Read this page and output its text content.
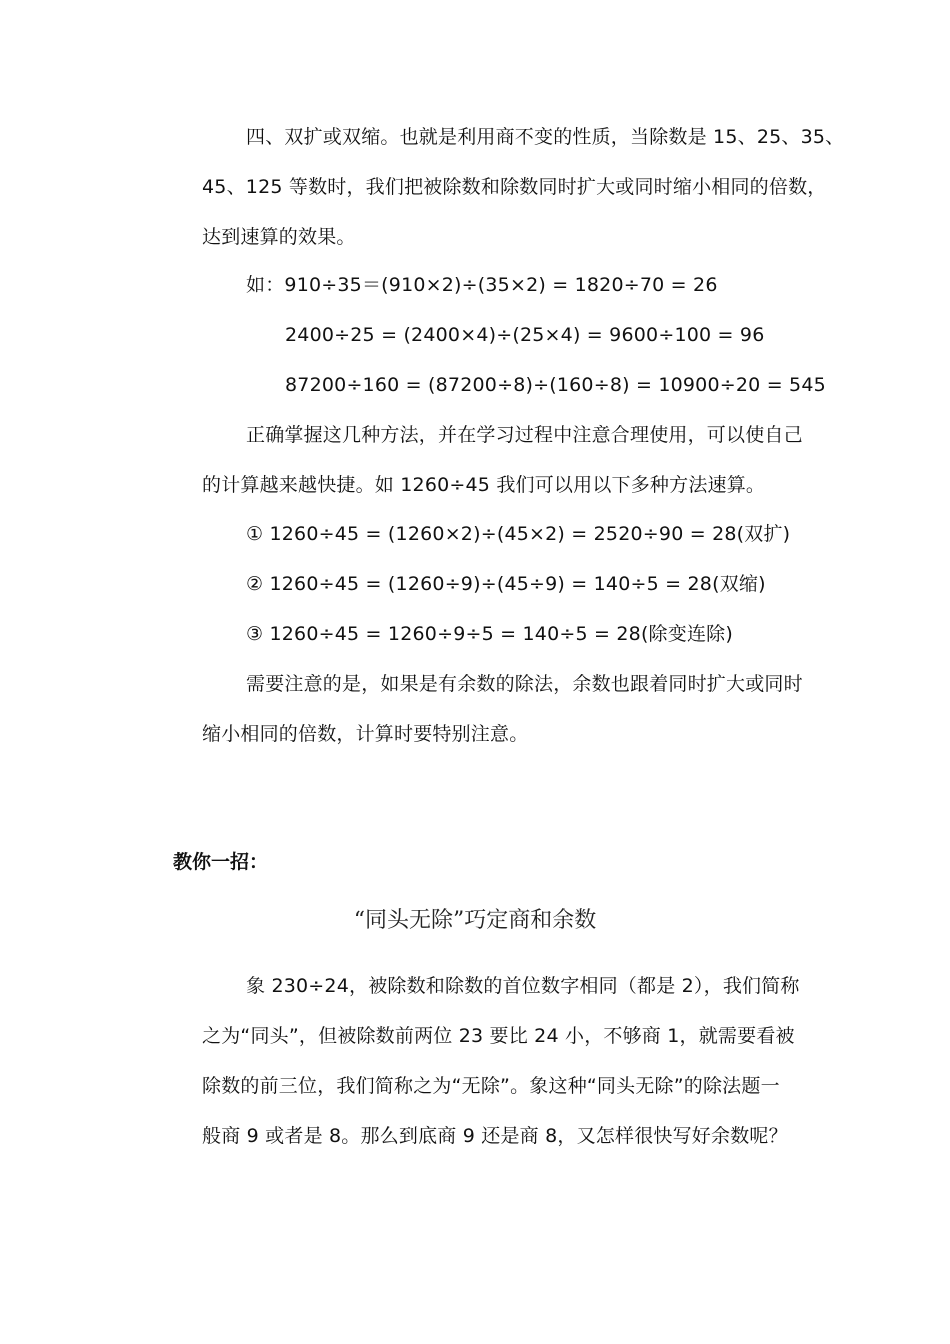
四、双扩或双缩。也就是利用商不变的性质，当除数是 15、25、35、
45、125 等数时，我们把被除数和除数同时扩大或同时缩小相同的倍数，
达到速算的效果。
如：910÷35＝(910×2)÷(35×2) = 1820÷70 = 26
2400÷25 = (2400×4)÷(25×4) = 9600÷100 = 96
87200÷160 = (87200÷8)÷(160÷8) = 10900÷20 = 545
正确掌握这几种方法，并在学习过程中注意合理使用，可以使自己
的计算越来越快捷。如 1260÷45 我们可以用以下多种方法速算。
① 1260÷45 = (1260×2)÷(45×2) = 2520÷90 = 28(双扩)
② 1260÷45 = (1260÷9)÷(45÷9) = 140÷5 = 28(双缩)
③ 1260÷45 = 1260÷9÷5 = 140÷5 = 28(除变连除)
需要注意的是，如果是有余数的除法，余数也跟着同时扩大或同时
缩小相同的倍数，计算时要特别注意。
教你一招：
“同头无除”巧定商和余数
象 230÷24，被除数和除数的首位数字相同（都是 2），我们简称
之为“同头”，但被除数前两位 23 要比 24 小，不够商 1，就需要看被
除数的前三位，我们简称之为“无除”。象这种“同头无除”的除法题一
般商 9 或者是 8。那么到底商 9 还是商 8，又怎样很快写好余数呢？
